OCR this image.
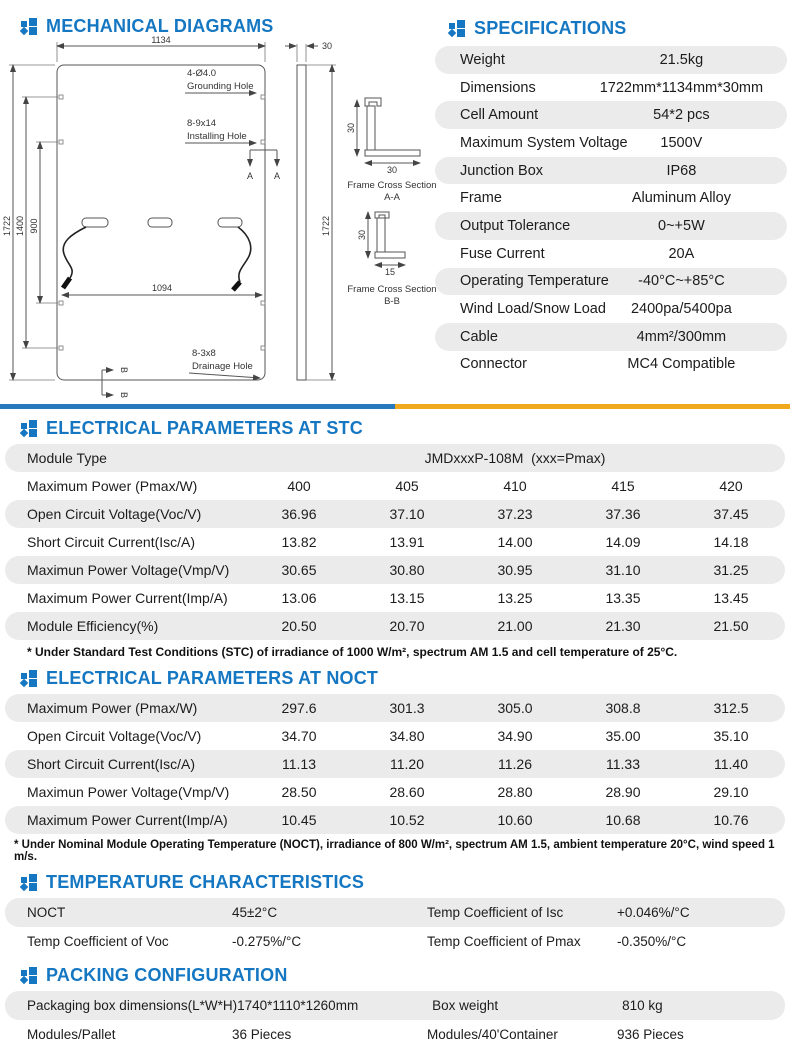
MECHANICAL DIAGRAMS	SPECIFICATIONS
1134
1722 1400 900
4-Ø4.0
Grounding Hole
8-9x14
Installing Hole
A A
1094
8-3x8
Drainage Hole
B
B
30
1722
30
30
Frame Cross Section
A-A
30
15
Frame Cross Section
B-B
Weight	21.5kg
Dimensions	1722mm*1134mm*30mm
Cell Amount	54*2 pcs
Maximum System Voltage 1500V
Junction Box	IP68
Frame	Aluminum Alloy
Output Tolerance	0~+5W
Fuse Current	20A
Operating Temperature -40°C~+85°C
Wind Load/Snow Load 2400pa/5400pa
Cable	4mm²/300mm
Connector	MC4 Compatible
ELECTRICAL PARAMETERS AT STC
Module Type	JMDxxxP-108M  (xxx=Pmax)
Maximum Power (Pmax/W)	400	405	410	415	420
Open Circuit Voltage(Voc/V)	36.96	37.10	37.23	37.36	37.45
Short Circuit Current(Isc/A)	13.82	13.91	14.00	14.09	14.18
Maximun Power Voltage(Vmp/V)	30.65	30.80	30.95	31.10	31.25
Maximum Power Current(Imp/A)	13.06	13.15	13.25	13.35	13.45
Module Efficiency(%)	20.50	20.70	21.00	21.30	21.50
* Under Standard Test Conditions (STC) of irradiance of 1000 W/m², spectrum AM 1.5 and cell temperature of 25°C.
ELECTRICAL PARAMETERS AT NOCT
Maximum Power (Pmax/W)	297.6	301.3	305.0	308.8	312.5
Open Circuit Voltage(Voc/V)	34.70	34.80	34.90	35.00	35.10
Short Circuit Current(Isc/A)	11.13	11.20	11.26	11.33	11.40
Maximun Power Voltage(Vmp/V)	28.50	28.60	28.80	28.90	29.10
Maximum Power Current(Imp/A)	10.45	10.52	10.60	10.68	10.76
* Under Nominal Module Operating Temperature (NOCT), irradiance of 800 W/m², spectrum AM 1.5, ambient temperature 20°C, wind speed 1 m/s.
TEMPERATURE CHARACTERISTICS
NOCT	45±2°C	Temp Coefficient of Isc	+0.046%/°C
Temp Coefficient of Voc	-0.275%/°C	Temp Coefficient of Pmax	-0.350%/°C
PACKING CONFIGURATION
Packaging box dimensions(L*W*H) 1740*1110*1260mm	Box weight	810 kg
Modules/Pallet	36 Pieces	Modules/40'Container	936 Pieces
